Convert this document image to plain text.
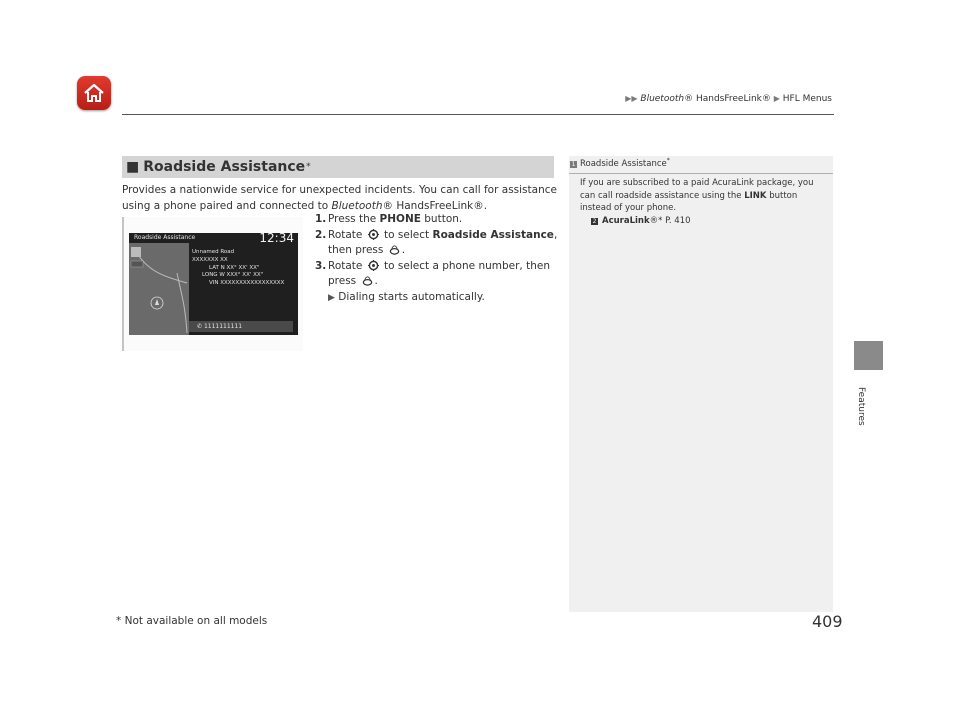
▶▶ Bluetooth® HandsFreeLink® ▶ HFL Menus
Features
■ Roadside Assistance *
Provides a nationwide service for unexpected incidents. You can call for assistance using a phone paired and connected to Bluetooth® HandsFreeLink®.
Roadside Assistance	12:34
Unnamed Road
XXXXXXX XX
LAT N XX° XX' XX"
LONG W XXX° XX' XX"
VIN XXXXXXXXXXXXXXXXX
✆ 1111111111
1. Press the PHONE button.
2. Rotate  to select Roadside Assistance,
then press .
3. Rotate  to select a phone number, then press .
▶ Dialing starts automatically.
1 Roadside Assistance*
If you are subscribed to a paid AcuraLink package, you can call roadside assistance using the LINK button instead of your phone.
2 AcuraLink®* P. 410
* Not available on all models	409
